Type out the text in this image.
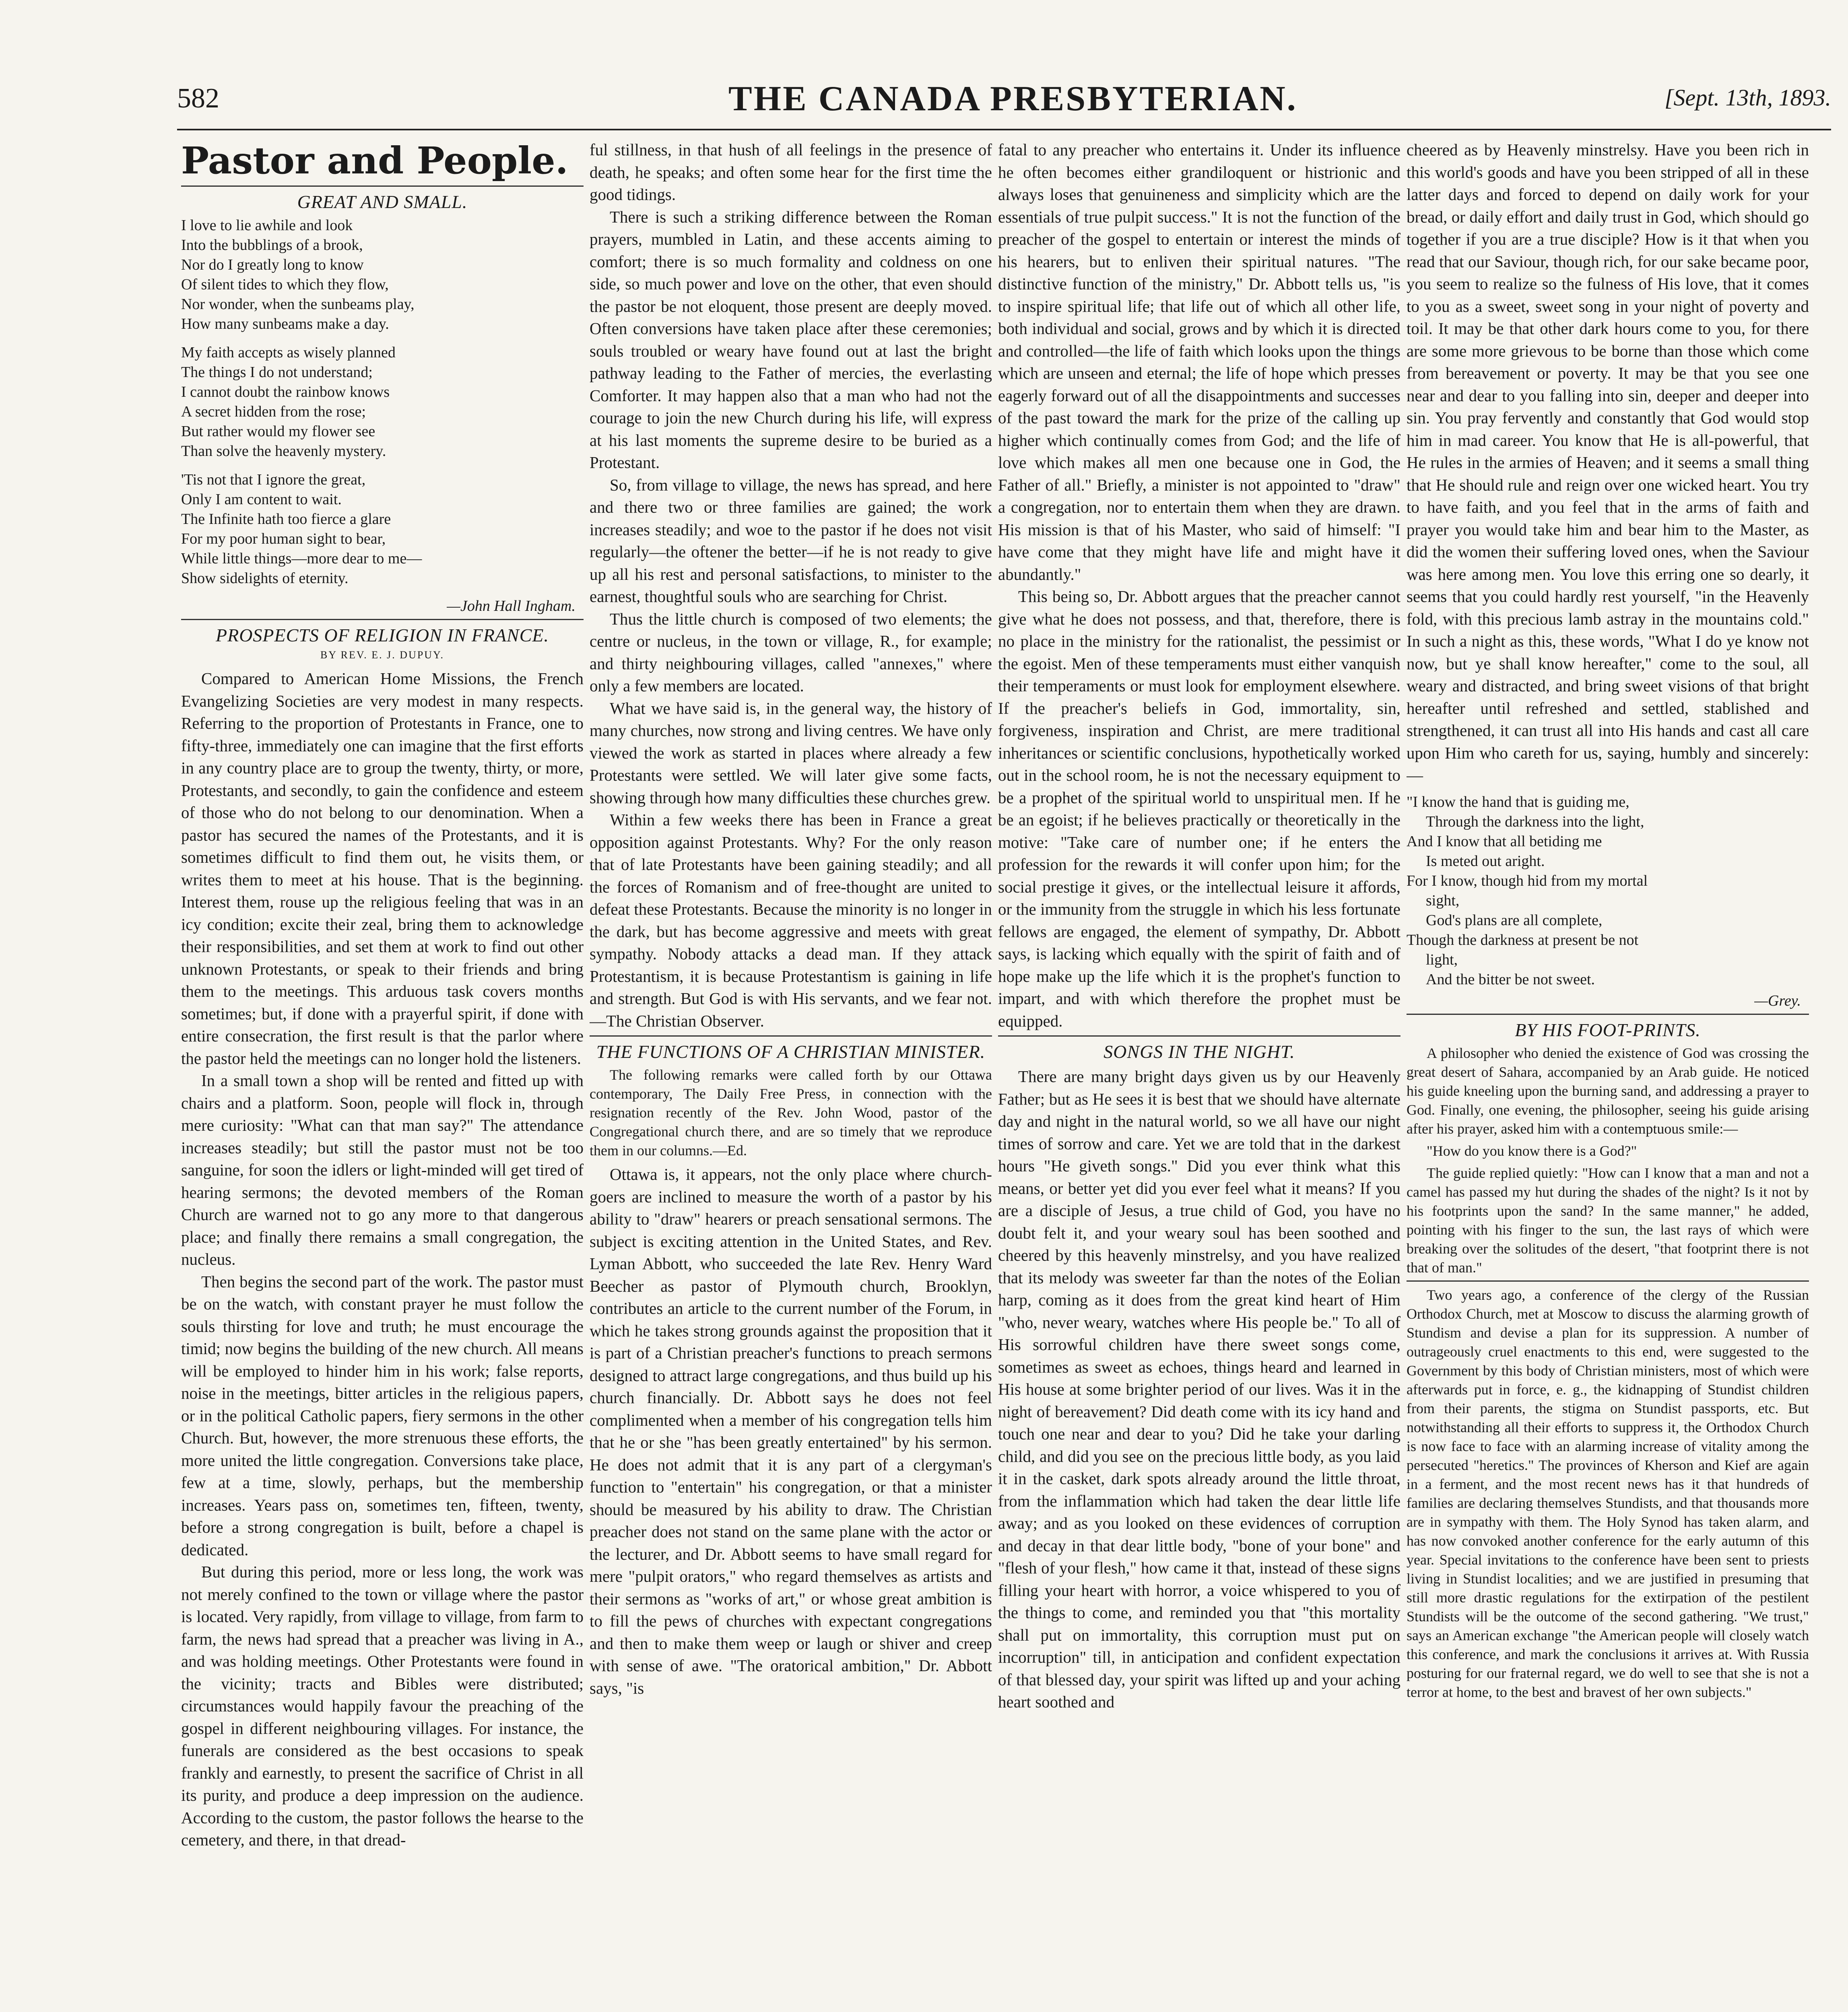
582	THE CANADA PRESBYTERIAN.	[Sept. 13th, 1893.
Pastor and People.
GREAT AND SMALL.

I love to lie awhile and look

Into the bubblings of a brook,

Nor do I greatly long to know

Of silent tides to which they flow,

Nor wonder, when the sunbeams play,

How many sunbeams make a day.

My faith accepts as wisely planned

The things I do not understand;

I cannot doubt the rainbow knows

A secret hidden from the rose;

But rather would my flower see

Than solve the heavenly mystery.

'Tis not that I ignore the great,

Only I am content to wait.

The Infinite hath too fierce a glare

For my poor human sight to bear,

While little things—more dear to me—

Show sidelights of eternity.

—John Hall Ingham.
PROSPECTS OF RELIGION IN FRANCE.
BY REV. E. J. DUPUY.

Compared to American Home Missions, the French Evangelizing Societies are very modest in many respects. Referring to the proportion of Protestants in France, one to fifty-three, immediately one can imagine that the first efforts in any country place are to group the twenty, thirty, or more, Protestants, and secondly, to gain the confidence and esteem of those who do not belong to our denomination. When a pastor has secured the names of the Protestants, and it is sometimes difficult to find them out, he visits them, or writes them to meet at his house. That is the beginning. Interest them, rouse up the religious feeling that was in an icy condition; excite their zeal, bring them to acknowledge their responsibilities, and set them at work to find out other unknown Protestants, or speak to their friends and bring them to the meetings. This arduous task covers months sometimes; but, if done with a prayerful spirit, if done with entire consecration, the first result is that the parlor where the pastor held the meetings can no longer hold the listeners.

In a small town a shop will be rented and fitted up with chairs and a platform. Soon, people will flock in, through mere curiosity: "What can that man say?" The attendance increases steadily; but still the pastor must not be too sanguine, for soon the idlers or light-minded will get tired of hearing sermons; the devoted members of the Roman Church are warned not to go any more to that dangerous place; and finally there remains a small congregation, the nucleus.

Then begins the second part of the work. The pastor must be on the watch, with constant prayer he must follow the souls thirsting for love and truth; he must encourage the timid; now begins the building of the new church. All means will be employed to hinder him in his work; false reports, noise in the meetings, bitter articles in the religious papers, or in the political Catholic papers, fiery sermons in the other Church. But, however, the more strenuous these efforts, the more united the little congregation. Conversions take place, few at a time, slowly, perhaps, but the membership increases. Years pass on, sometimes ten, fifteen, twenty, before a strong congregation is built, before a chapel is dedicated.

But during this period, more or less long, the work was not merely confined to the town or village where the pastor is located. Very rapidly, from village to village, from farm to farm, the news had spread that a preacher was living in A., and was holding meetings. Other Protestants were found in the vicinity; tracts and Bibles were distributed; circumstances would happily favour the preaching of the gospel in different neighbouring villages. For instance, the funerals are considered as the best occasions to speak frankly and earnestly, to present the sacrifice of Christ in all its purity, and produce a deep impression on the audience. According to the custom, the pastor follows the hearse to the cemetery, and there, in that dread-

ful stillness, in that hush of all feelings in the presence of death, he speaks; and often some hear for the first time the good tidings.

There is such a striking difference between the Roman prayers, mumbled in Latin, and these accents aiming to comfort; there is so much formality and coldness on one side, so much power and love on the other, that even should the pastor be not eloquent, those present are deeply moved. Often conversions have taken place after these ceremonies; souls troubled or weary have found out at last the bright pathway leading to the Father of mercies, the everlasting Comforter. It may happen also that a man who had not the courage to join the new Church during his life, will express at his last moments the supreme desire to be buried as a Protestant.

So, from village to village, the news has spread, and here and there two or three families are gained; the work increases steadily; and woe to the pastor if he does not visit regularly—the oftener the better—if he is not ready to give up all his rest and personal satisfactions, to minister to the earnest, thoughtful souls who are searching for Christ.

Thus the little church is composed of two elements; the centre or nucleus, in the town or village, R., for example; and thirty neighbouring villages, called "annexes," where only a few members are located.

What we have said is, in the general way, the history of many churches, now strong and living centres. We have only viewed the work as started in places where already a few Protestants were settled. We will later give some facts, showing through how many difficulties these churches grew.

Within a few weeks there has been in France a great opposition against Protestants. Why? For the only reason that of late Protestants have been gaining steadily; and all the forces of Romanism and of free-thought are united to defeat these Protestants. Because the minority is no longer in the dark, but has become aggressive and meets with great sympathy. Nobody attacks a dead man. If they attack Protestantism, it is because Protestantism is gaining in life and strength. But God is with His servants, and we fear not.—The Christian Observer.

THE FUNCTIONS OF A CHRISTIAN MINISTER.

The following remarks were called forth by our Ottawa contemporary, The Daily Free Press, in connection with the resignation recently of the Rev. John Wood, pastor of the Congregational church there, and are so timely that we reproduce them in our columns.—Ed.

Ottawa is, it appears, not the only place where church-goers are inclined to measure the worth of a pastor by his ability to "draw" hearers or preach sensational sermons. The subject is exciting attention in the United States, and Rev. Lyman Abbott, who succeeded the late Rev. Henry Ward Beecher as pastor of Plymouth church, Brooklyn, contributes an article to the current number of the Forum, in which he takes strong grounds against the proposition that it is part of a Christian preacher's functions to preach sermons designed to attract large congregations, and thus build up his church financially. Dr. Abbott says he does not feel complimented when a member of his congregation tells him that he or she "has been greatly entertained" by his sermon. He does not admit that it is any part of a clergyman's function to "entertain" his congregation, or that a minister should be measured by his ability to draw. The Christian preacher does not stand on the same plane with the actor or the lecturer, and Dr. Abbott seems to have small regard for mere "pulpit orators," who regard themselves as artists and their sermons as "works of art," or whose great ambition is to fill the pews of churches with expectant congregations and then to make them weep or laugh or shiver and creep with sense of awe. "The oratorical ambition," Dr. Abbott says, "is

fatal to any preacher who entertains it. Under its influence he often becomes either grandiloquent or histrionic and always loses that genuineness and simplicity which are the essentials of true pulpit success." It is not the function of the preacher of the gospel to entertain or interest the minds of his hearers, but to enliven their spiritual natures. "The distinctive function of the ministry," Dr. Abbott tells us, "is to inspire spiritual life; that life out of which all other life, both individual and social, grows and by which it is directed and controlled—the life of faith which looks upon the things which are unseen and eternal; the life of hope which presses eagerly forward out of all the disappointments and successes of the past toward the mark for the prize of the calling up higher which continually comes from God; and the life of love which makes all men one because one in God, the Father of all." Briefly, a minister is not appointed to "draw" a congregation, nor to entertain them when they are drawn. His mission is that of his Master, who said of himself: "I have come that they might have life and might have it abundantly."

This being so, Dr. Abbott argues that the preacher cannot give what he does not possess, and that, therefore, there is no place in the ministry for the rationalist, the pessimist or the egoist. Men of these temperaments must either vanquish their temperaments or must look for employment elsewhere. If the preacher's beliefs in God, immortality, sin, forgiveness, inspiration and Christ, are mere traditional inheritances or scientific conclusions, hypothetically worked out in the school room, he is not the necessary equipment to be a prophet of the spiritual world to unspiritual men. If he be an egoist; if he believes practically or theoretically in the motive: "Take care of number one; if he enters the profession for the rewards it will confer upon him; for the social prestige it gives, or the intellectual leisure it affords, or the immunity from the struggle in which his less fortunate fellows are engaged, the element of sympathy, Dr. Abbott says, is lacking which equally with the spirit of faith and of hope make up the life which it is the prophet's function to impart, and with which therefore the prophet must be equipped.

SONGS IN THE NIGHT.

There are many bright days given us by our Heavenly Father; but as He sees it is best that we should have alternate day and night in the natural world, so we all have our night times of sorrow and care. Yet we are told that in the darkest hours "He giveth songs." Did you ever think what this means, or better yet did you ever feel what it means? If you are a disciple of Jesus, a true child of God, you have no doubt felt it, and your weary soul has been soothed and cheered by this heavenly minstrelsy, and you have realized that its melody was sweeter far than the notes of the Eolian harp, coming as it does from the great kind heart of Him "who, never weary, watches where His people be." To all of His sorrowful children have there sweet songs come, sometimes as sweet as echoes, things heard and learned in His house at some brighter period of our lives. Was it in the night of bereavement? Did death come with its icy hand and touch one near and dear to you? Did he take your darling child, and did you see on the precious little body, as you laid it in the casket, dark spots already around the little throat, from the inflammation which had taken the dear little life away; and as you looked on these evidences of corruption and decay in that dear little body, "bone of your bone" and "flesh of your flesh," how came it that, instead of these signs filling your heart with horror, a voice whispered to you of the things to come, and reminded you that "this mortality shall put on immortality, this corruption must put on incorruption" till, in anticipation and confident expectation of that blessed day, your spirit was lifted up and your aching heart soothed and

cheered as by Heavenly minstrelsy. Have you been rich in this world's goods and have you been stripped of all in these latter days and forced to depend on daily work for your bread, or daily effort and daily trust in God, which should go together if you are a true disciple? How is it that when you read that our Saviour, though rich, for our sake became poor, you seem to realize so the fulness of His love, that it comes to you as a sweet, sweet song in your night of poverty and toil. It may be that other dark hours come to you, for there are some more grievous to be borne than those which come from bereavement or poverty. It may be that you see one near and dear to you falling into sin, deeper and deeper into sin. You pray fervently and constantly that God would stop him in mad career. You know that He is all-powerful, that He rules in the armies of Heaven; and it seems a small thing that He should rule and reign over one wicked heart. You try to have faith, and you feel that in the arms of faith and prayer you would take him and bear him to the Master, as did the women their suffering loved ones, when the Saviour was here among men. You love this erring one so dearly, it seems that you could hardly rest yourself, "in the Heavenly fold, with this precious lamb astray in the mountains cold." In such a night as this, these words, "What I do ye know not now, but ye shall know hereafter," come to the soul, all weary and distracted, and bring sweet visions of that bright hereafter until refreshed and settled, stablished and strengthened, it can trust all into His hands and cast all care upon Him who careth for us, saying, humbly and sincerely:—

"I know the hand that is guiding me,

Through the darkness into the light,

And I know that all betiding me

Is meted out aright.

For I know, though hid from my mortal

sight,

God's plans are all complete,

Though the darkness at present be not

light,

And the bitter be not sweet.

—Grey.
BY HIS FOOT-PRINTS.

A philosopher who denied the existence of God was crossing the great desert of Sahara, accompanied by an Arab guide. He noticed his guide kneeling upon the burning sand, and addressing a prayer to God. Finally, one evening, the philosopher, seeing his guide arising after his prayer, asked him with a contemptuous smile:—

"How do you know there is a God?"

The guide replied quietly: "How can I know that a man and not a camel has passed my hut during the shades of the night? Is it not by his footprints upon the sand? In the same manner," he added, pointing with his finger to the sun, the last rays of which were breaking over the solitudes of the desert, "that footprint there is not that of man."

Two years ago, a conference of the clergy of the Russian Orthodox Church, met at Moscow to discuss the alarming growth of Stundism and devise a plan for its suppression. A number of outrageously cruel enactments to this end, were suggested to the Government by this body of Christian ministers, most of which were afterwards put in force, e. g., the kidnapping of Stundist children from their parents, the stigma on Stundist passports, etc. But notwithstanding all their efforts to suppress it, the Orthodox Church is now face to face with an alarming increase of vitality among the persecuted "heretics." The provinces of Kherson and Kief are again in a ferment, and the most recent news has it that hundreds of families are declaring themselves Stundists, and that thousands more are in sympathy with them. The Holy Synod has taken alarm, and has now convoked another conference for the early autumn of this year. Special invitations to the conference have been sent to priests living in Stundist localities; and we are justified in presuming that still more drastic regulations for the extirpation of the pestilent Stundists will be the outcome of the second gathering. "We trust," says an American exchange "the American people will closely watch this conference, and mark the conclusions it arrives at. With Russia posturing for our fraternal regard, we do well to see that she is not a terror at home, to the best and bravest of her own subjects."
